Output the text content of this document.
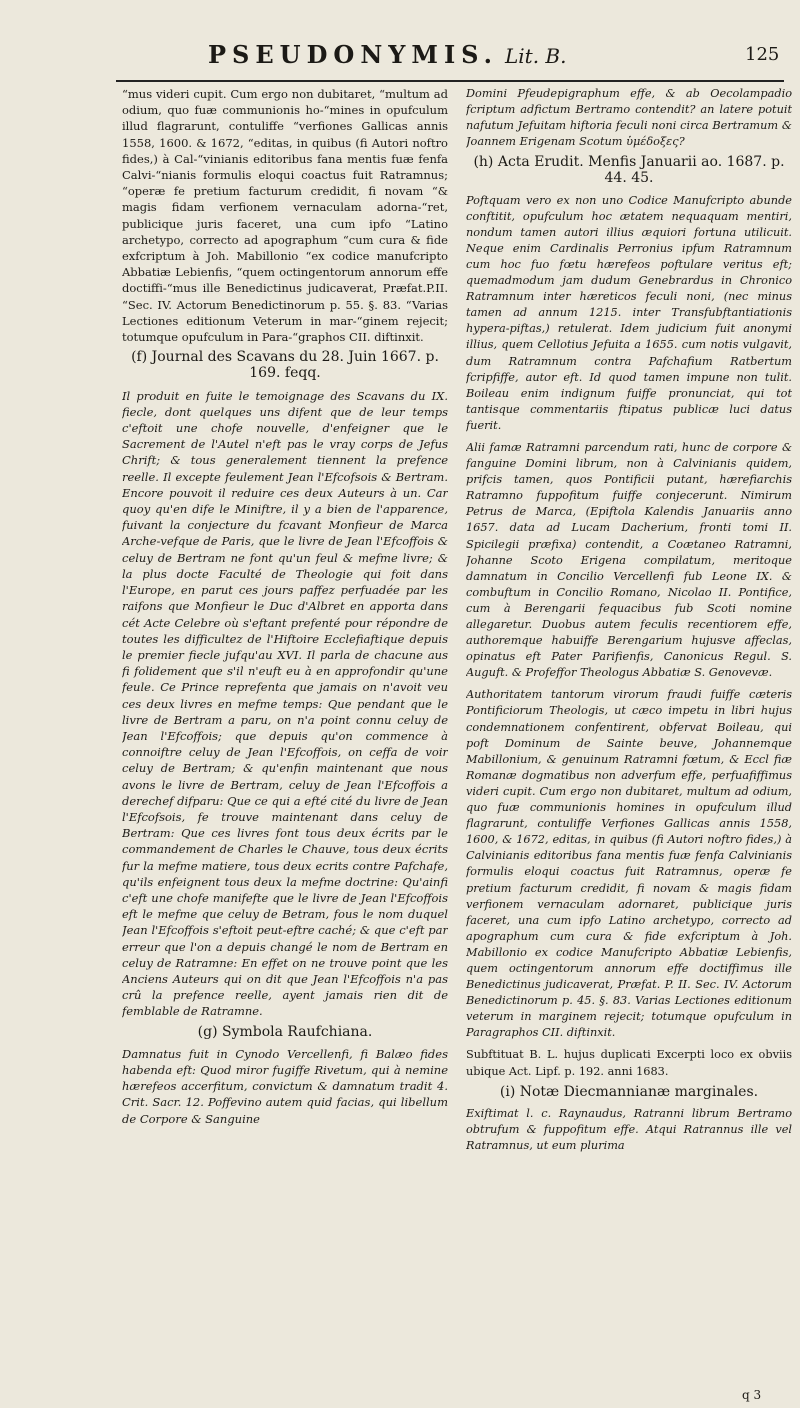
PSEUDONYMIS. Lit. B.	125

“mus videri cupit. Cum ergo non dubitaret, “multum ad odium, quo fuæ communionis ho-“mines in opufculum illud flagrarunt, contuliffe “verfiones Gallicas annis 1558, 1600. & 1672, “editas, in quibus (fi Autori noftro fides,) à Cal-“vinianis editoribus fana mentis fuæ fenfa Calvi-“nianis formulis eloqui coactus fuit Ratramnus; “operæ fe pretium facturum credidit, fi novam “& magis fidam verfionem vernaculam adorna-“ret, publicique juris faceret, una cum ipfo “Latino archetypo, correcto ad apographum “cum cura & fide exfcriptum à Joh. Mabillonio “ex codice manufcripto Abbatiæ Lebienfis, “quem octingentorum annorum effe doctiffi-“mus ille Benedictinus judicaverat, Præfat.P.II. “Sec. IV. Actorum Benedictinorum p. 55. §. 83. “Varias Lectiones editionum Veterum in mar-“ginem rejecit; totumque opufculum in Para-“graphos CII. diftinxit.

(f) Journal des Scavans du 28. Juin 1667. p. 169. feqq.

Il produit en fuite le temoignage des Scavans du IX. fiecle, dont quelques uns difent que de leur temps c'eftoit une chofe nouvelle, d'enfeigner que le Sacrement de l'Autel n'eft pas le vray corps de Jefus Chrift; & tous generalement tiennent la prefence reelle. Il excepte feulement Jean l'Efcofsois & Bertram. Encore pouvoit il reduire ces deux Auteurs à un. Car quoy qu'en dife le Miniftre, il y a bien de l'apparence, fuivant la conjecture du fcavant Monfieur de Marca Arche-vefque de Paris, que le livre de Jean l'Efcoffois & celuy de Bertram ne font qu'un feul & mefme livre; & la plus docte Faculté de Theologie qui foit dans l'Europe, en parut ces jours paffez perfuadée par les raifons que Monfieur le Duc d'Albret en apporta dans cét Acte Celebre où s'eftant prefenté pour répondre de toutes les difficultez de l'Hiftoire Ecclefiaftique depuis le premier fiecle jufqu'au XVI. Il parla de chacune aus fi folidement que s'il n'euft eu à en approfondir qu'une feule. Ce Prince reprefenta que jamais on n'avoit veu ces deux livres en mefme temps: Que pendant que le livre de Bertram a paru, on n'a point connu celuy de Jean l'Efcoffois; que depuis qu'on commence à connoiftre celuy de Jean l'Efcoffois, on ceffa de voir celuy de Bertram; & qu'enfin maintenant que nous avons le livre de Bertram, celuy de Jean l'Efcoffois a derechef difparu: Que ce qui a efté cité du livre de Jean l'Efcofsois, fe trouve maintenant dans celuy de Bertram: Que ces livres font tous deux écrits par le commandement de Charles le Chauve, tous deux écrits fur la mefme matiere, tous deux ecrits contre Pafchafe, qu'ils enfeignent tous deux la mefme doctrine: Qu'ainfi c'eft une chofe manifefte que le livre de Jean l'Efcoffois eft le mefme que celuy de Betram, fous le nom duquel Jean l'Efcoffois s'eftoit peut-eftre caché; & que c'eft par erreur que l'on a depuis changé le nom de Bertram en celuy de Ratramne: En effet on ne trouve point que les Anciens Auteurs qui on dit que Jean l'Efcoffois n'a pas crû la prefence reelle, ayent jamais rien dit de femblable de Ratramne.

(g) Symbola Raufchiana.

Damnatus fuit in Cynodo Vercellenfi, fi Balæo fides habenda eft: Quod miror fugiffe Rivetum, qui à nemine hærefeos accerfitum, convictum & damnatum tradit 4. Crit. Sacr. 12. Poffevino autem quid facias, qui libellum de Corpore & Sanguine

Domini Pfeudepigraphum effe, & ab Oecolampadio fcriptum adfictum Bertramo contendit? an latere potuit nafutum Jefuitam hiftoria feculi noni circa Bertramum & Joannem Erigenam Scotum ὑμέδοξες?

(h) Acta Erudit. Menfis Januarii ao. 1687. p. 44. 45.

Poftquam vero ex non uno Codice Manufcripto abunde conftitit, opufculum hoc ætatem nequaquam mentiri, nondum tamen autori illius æquiori fortuna utilicuit. Neque enim Cardinalis Perronius ipfum Ratramnum cum hoc fuo fœtu hærefeos poftulare veritus eft; quemadmodum jam dudum Genebrardus in Chronico Ratramnum inter hæreticos feculi noni, (nec minus tamen ad annum 1215. inter Transfubftantiationis hypera-piftas,) retulerat. Idem judicium fuit anonymi illius, quem Cellotius Jefuita a 1655. cum notis vulgavit, dum Ratramnum contra Pafchafium Ratbertum fcripfiffe, autor eft. Id quod tamen impune non tulit. Boileau enim indignum fuiffe pronunciat, qui tot tantisque commentariis ftipatus publicæ luci datus fuerit.

Alii famæ Ratramni parcendum rati, hunc de corpore & fanguine Domini librum, non à Calvinianis quidem, prifcis tamen, quos Pontificii putant, hærefiarchis Ratramno fuppofitum fuiffe conjecerunt. Nimirum Petrus de Marca, (Epiftola Kalendis Januariis anno 1657. data ad Lucam Dacherium, fronti tomi II. Spicilegii præfixa) contendit, a Coætaneo Ratramni, Johanne Scoto Erigena compilatum, meritoque damnatum in Concilio Vercellenfi fub Leone IX. & combuftum in Concilio Romano, Nicolao II. Pontifice, cum à Berengarii fequacibus fub Scoti nomine allegaretur. Duobus autem feculis recentiorem effe, authoremque habuiffe Berengarium hujusve affeclas, opinatus eft Pater Parifienfis, Canonicus Regul. S. Auguft. & Profeffor Theologus Abbatiæ S. Genovevæ.

Authoritatem tantorum virorum fraudi fuiffe cæteris Pontificiorum Theologis, ut cæco impetu in libri hujus condemnationem confentirent, obfervat Boileau, qui poft Dominum de Sainte beuve, Johannemque Mabillonium, & genuinum Ratramni fœtum, & Eccl fiæ Romanæ dogmatibus non adverfum effe, perfuafiffimus videri cupit. Cum ergo non dubitaret, multum ad odium, quo fuæ communionis homines in opufculum illud flagrarunt, contuliffe Verfiones Gallicas annis 1558, 1600, & 1672, editas, in quibus (fi Autori noftro fides,) à Calvinianis editoribus fana mentis fuæ fenfa Calvinianis formulis eloqui coactus fuit Ratramnus, operæ fe pretium facturum credidit, fi novam & magis fidam verfionem vernaculam adornaret, publicique juris faceret, una cum ipfo Latino archetypo, correcto ad apographum cum cura & fide exfcriptum à Joh. Mabillonio ex codice Manufcripto Abbatiæ Lebienfis, quem octingentorum annorum effe doctiffimus ille Benedictinus judicaverat, Præfat. P. II. Sec. IV. Actorum Benedictinorum p. 45. §. 83. Varias Lectiones editionum veterum in marginem rejecit; totumque opufculum in Paragraphos CII. diftinxit.

Subftituat B. L. hujus duplicati Excerpti loco ex obviis ubique Act. Lipf. p. 192. anni 1683.

(i) Notæ Diecmannianæ marginales.

Exiftimat l. c. Raynaudus, Ratranni librum Bertramo obtrufum & fuppofitum effe. Atqui Ratrannus ille vel Ratramnus, ut eum plurima

q 3
